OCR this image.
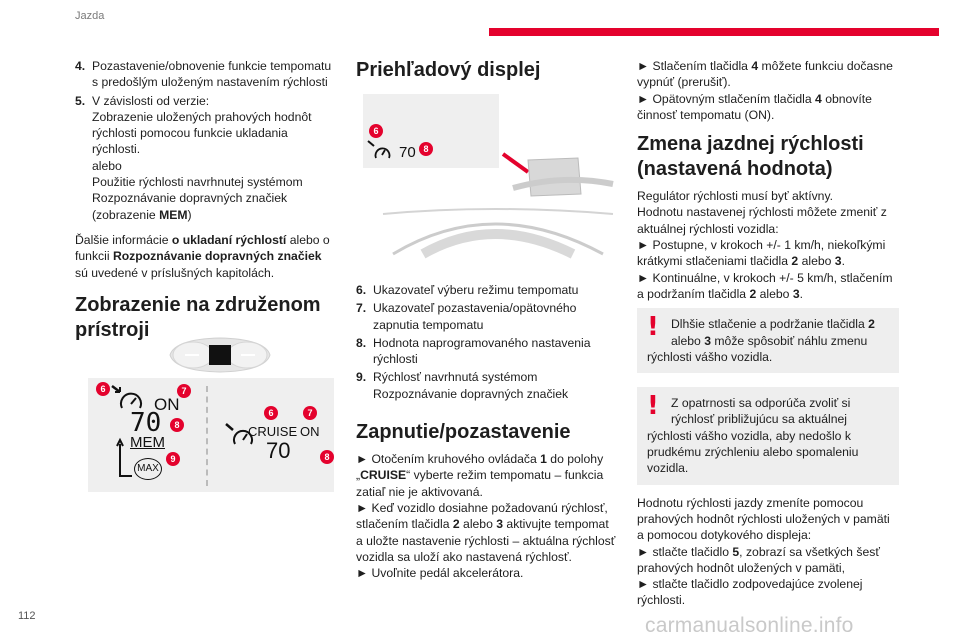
Jazda
4. Pozastavenie/obnovenie funkcie tempomatu
s predošlým uloženým nastavením rýchlosti
5. V závislosti od verzie:
Zobrazenie uložených prahových hodnôt
rýchlosti pomocou funkcie ukladania rýchlosti.
alebo
Použitie rýchlosti navrhnutej systémom
Rozpoznávanie dopravných značiek
(zobrazenie MEM)

Ďalšie informácie o ukladaní rýchlostí alebo o funkcii Rozpoznávanie dopravných značiek sú uvedené v príslušných kapitolách.

Zobrazenie na združenom
prístroji
ON
70
MEM
MAX
CRUISE ON
70
6	7
8
9
6	7
8
Priehľadový displej
70
6
8
6. Ukazovateľ výberu režimu tempomatu
7. Ukazovateľ pozastavenia/opätovného
zapnutia tempomatu
8. Hodnota naprogramovaného nastavenia
rýchlosti
9. Rýchlosť navrhnutá systémom
Rozpoznávanie dopravných značiek
Zapnutie/pozastavenie

► Otočením kruhového ovládača 1 do polohy „CRUISE“ vyberte režim tempomatu – funkcia zatiaľ nie je aktivovaná.

► Keď vozidlo dosiahne požadovanú rýchlosť, stlačením tlačidla 2 alebo 3 aktivujte tempomat a uložte nastavenie rýchlosti – aktuálna rýchlosť vozidla sa uloží ako nastavená rýchlosť.

► Uvoľnite pedál akcelerátora.

► Stlačením tlačidla 4 môžete funkciu dočasne vypnúť (prerušiť).

► Opätovným stlačením tlačidla 4 obnovíte činnosť tempomatu (ON).

Zmena jazdnej rýchlosti
(nastavená hodnota)

Regulátor rýchlosti musí byť aktívny.
Hodnotu nastavenej rýchlosti môžete zmeniť z aktuálnej rýchlosti vozidla:
► Postupne, v krokoch +/- 1 km/h, niekoľkými krátkymi stlačeniami tlačidla 2 alebo 3.
► Kontinuálne, v krokoch +/- 5 km/h, stlačením a podržaním tlačidla 2 alebo 3.

! Dlhšie stlačenie a podržanie tlačidla 2 alebo 3 môže spôsobiť náhlu zmenu
rýchlosti vášho vozidla.
! Z opatrnosti sa odporúča zvoliť si rýchlosť približujúcu sa aktuálnej
rýchlosti vášho vozidla, aby nedošlo k prudkému zrýchleniu alebo spomaleniu vozidla.

Hodnotu rýchlosti jazdy zmeníte pomocou prahových hodnôt rýchlosti uložených v pamäti a pomocou dotykového displeja:
► stlačte tlačidlo 5, zobrazí sa všetkých šesť prahových hodnôt uložených v pamäti,
► stlačte tlačidlo zodpovedajúce zvolenej rýchlosti.

112	carmanualsonline.info
